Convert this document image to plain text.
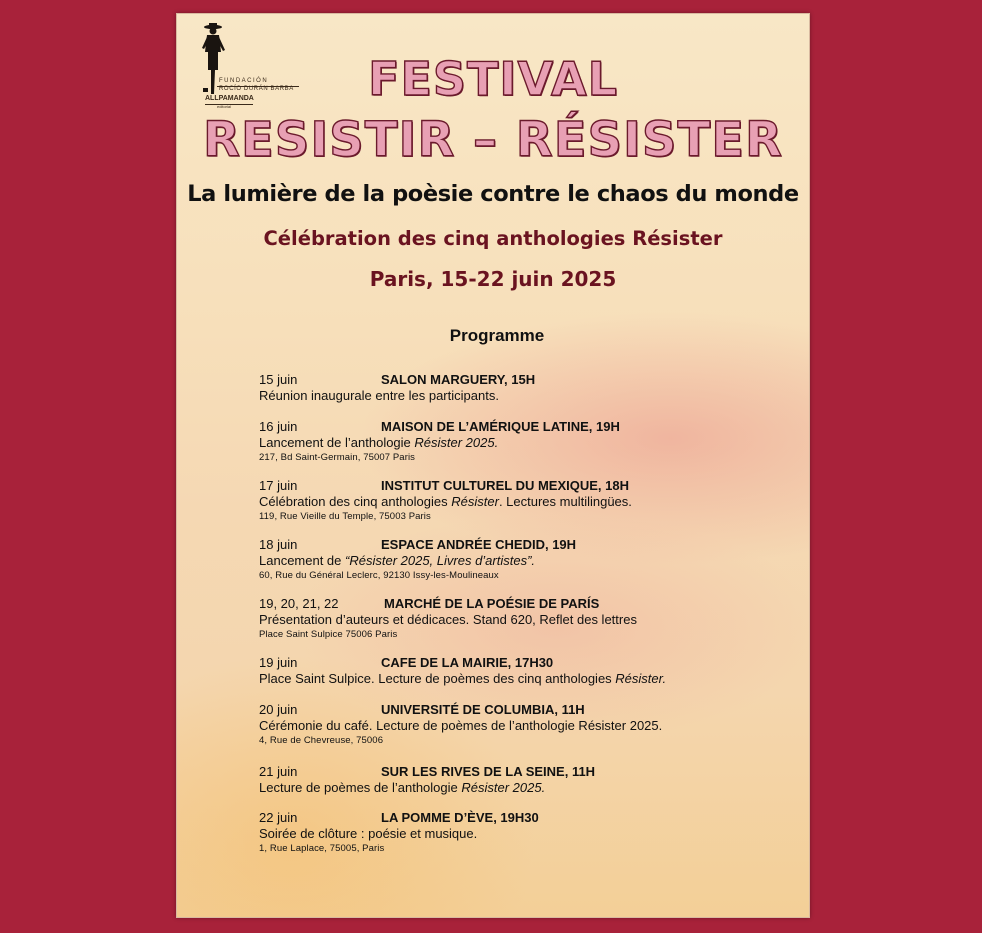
FUNDACIÓN
ROCÍO DURÁN BARBA
ALLPAMANDA
editorial
FESTIVAL
RESISTIR – RÉSISTER
La lumière de la poèsie contre le chaos du monde
Célébration des cinq anthologies Résister
Paris, 15-22 juin 2025
Programme
15 juin	SALON MARGUERY, 15H
Réunion inaugurale entre les participants.
16 juin	MAISON DE L’AMÉRIQUE LATINE, 19H
Lancement de l’anthologie Résister 2025.
217, Bd Saint-Germain, 75007 Paris
17 juin	INSTITUT CULTUREL DU MEXIQUE, 18H
Célébration des cinq anthologies Résister. Lectures multilingües.
119, Rue Vieille du Temple, 75003 Paris
18 juin	ESPACE ANDRÉE CHEDID, 19H
Lancement de “Résister 2025, Livres d’artistes”.
60, Rue du Général Leclerc, 92130 Issy-les-Moulineaux
19, 20, 21, 22	MARCHÉ DE LA POÉSIE DE PARÍS
Présentation d’auteurs et dédicaces. Stand 620, Reflet des lettres
Place Saint Sulpice 75006 Paris
19 juin	CAFE DE LA MAIRIE, 17H30
Place Saint Sulpice. Lecture de poèmes des cinq anthologies Résister.
20 juin	UNIVERSITÉ DE COLUMBIA, 11H
Cérémonie du café. Lecture de poèmes de l’anthologie Résister 2025.
4, Rue de Chevreuse, 75006
21 juin	SUR LES RIVES DE LA SEINE, 11H
Lecture de poèmes de l’anthologie Résister 2025.
22 juin	LA POMME D’ÈVE, 19H30
Soirée de clôture : poésie et musique.
1, Rue Laplace, 75005, Paris
